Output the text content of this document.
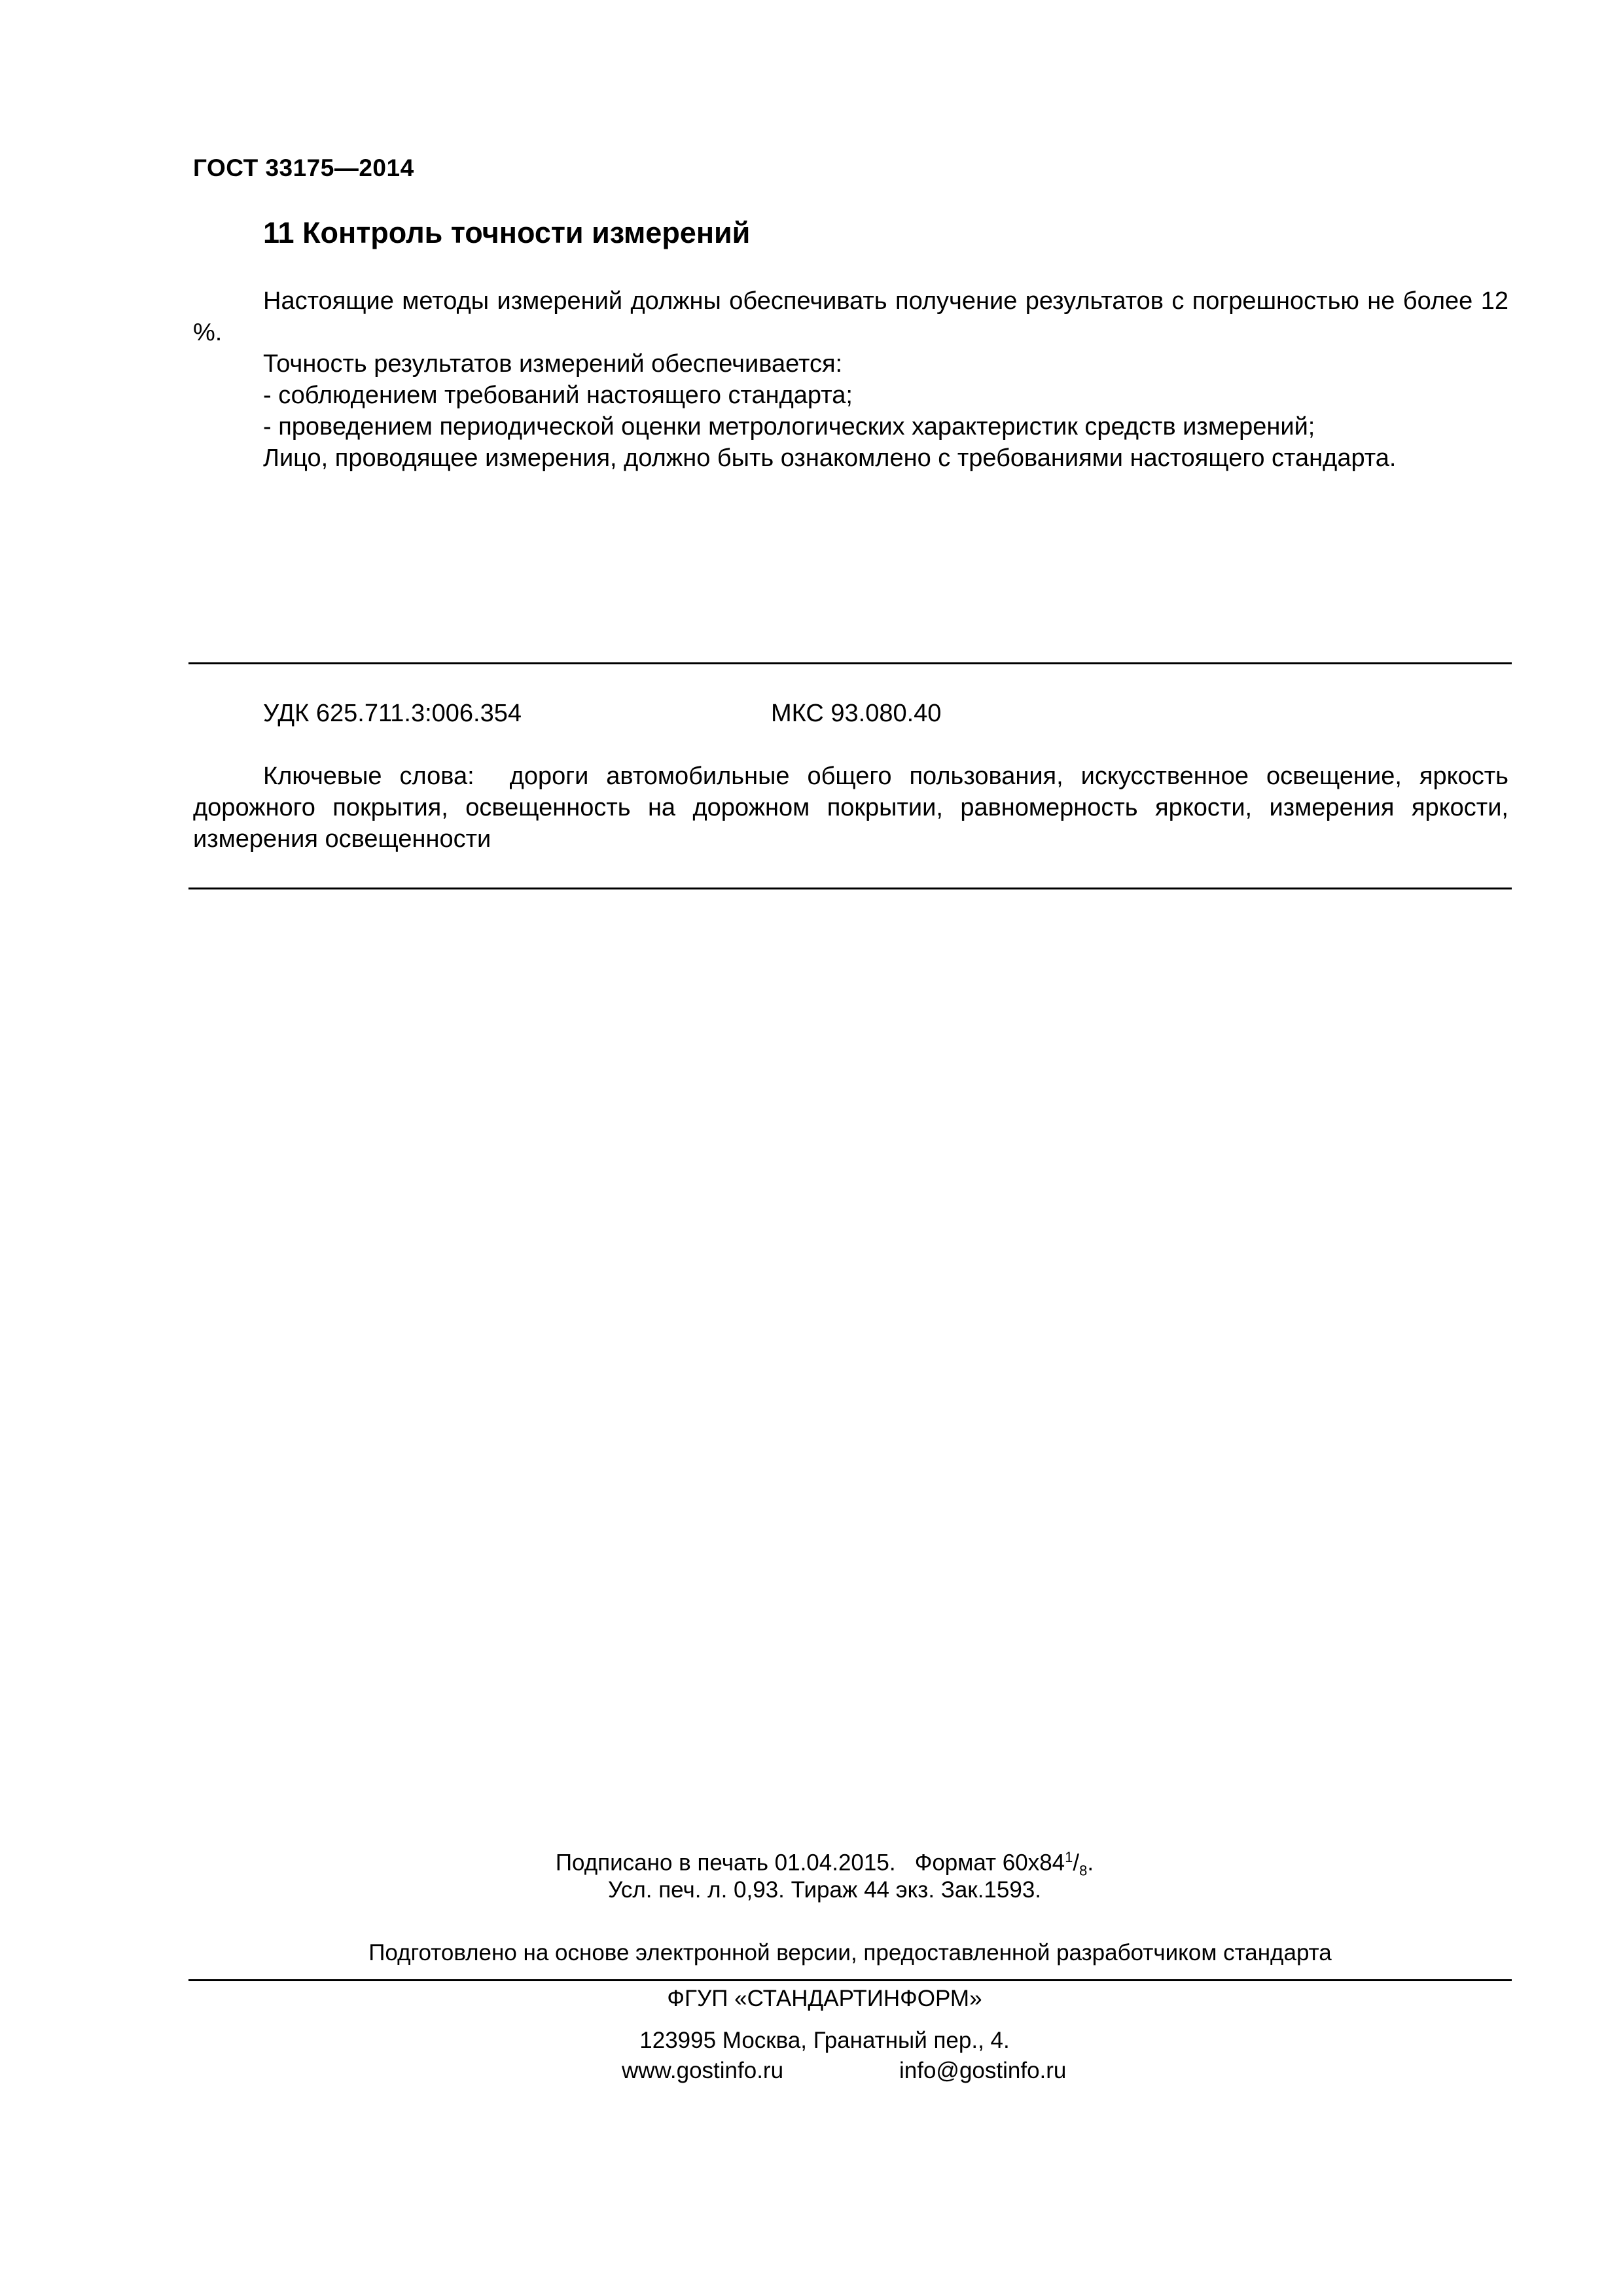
ГОСТ 33175—2014
11 Контроль точности измерений
Настоящие методы измерений должны обеспечивать получение результатов с погрешностью не более 12 %.
Точность результатов измерений обеспечивается:
- соблюдением требований настоящего стандарта;
- проведением периодической оценки метрологических характеристик средств измерений;
Лицо, проводящее измерения, должно быть ознакомлено с требованиями настоящего стандарта.
УДК 625.711.3:006.354	МКС 93.080.40
Ключевые слова: дороги автомобильные общего пользования, искусственное освещение, яркость дорожного покрытия, освещенность на дорожном покрытии, равномерность яркости, измерения яркости, измерения освещенности
Подписано в печать 01.04.2015.   Формат $60x84^1/_8$.
Усл. печ. л. 0,93. Тираж 44 экз. Зак.1593.
Подготовлено на основе электронной версии, предоставленной разработчиком стандарта
ФГУП «СТАНДАРТИНФОРМ»
123995 Москва, Гранатный пер., 4.
www.gostinfo.ru	info@gostinfo.ru
